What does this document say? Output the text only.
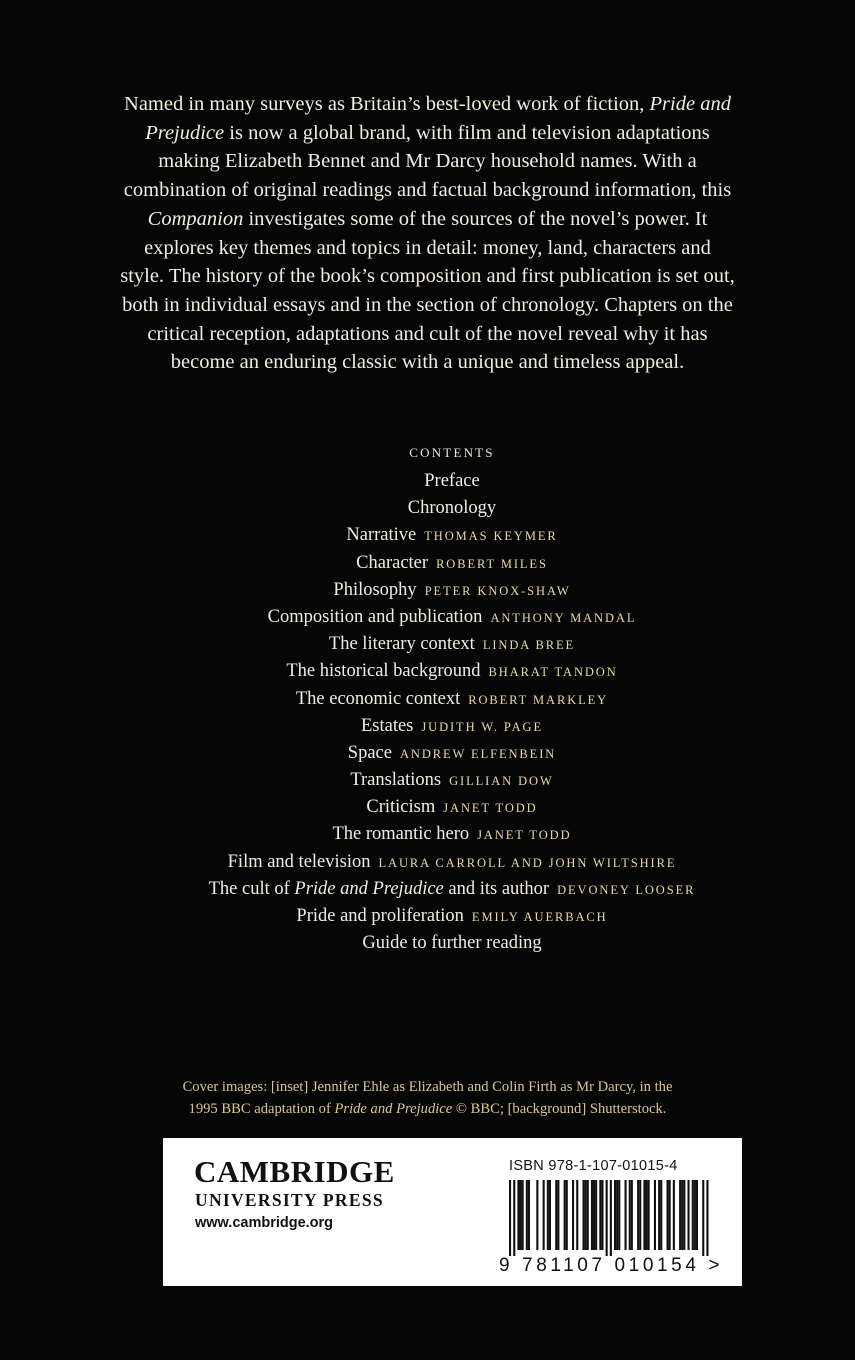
Named in many surveys as Britain’s best-loved work of fiction, Pride and Prejudice is now a global brand, with film and television adaptations making Elizabeth Bennet and Mr Darcy household names. With a combination of original readings and factual background information, this Companion investigates some of the sources of the novel’s power. It explores key themes and topics in detail: money, land, characters and style. The history of the book’s composition and first publication is set out, both in individual essays and in the section of chronology. Chapters on the critical reception, adaptations and cult of the novel reveal why it has become an enduring classic with a unique and timeless appeal.

CONTENTS
Preface
Chronology
Narrative THOMAS KEYMER
Character ROBERT MILES
Philosophy PETER KNOX-SHAW
Composition and publication ANTHONY MANDAL
The literary context LINDA BREE
The historical background BHARAT TANDON
The economic context ROBERT MARKLEY
Estates JUDITH W. PAGE
Space ANDREW ELFENBEIN
Translations GILLIAN DOW
Criticism JANET TODD
The romantic hero JANET TODD
Film and television LAURA CARROLL AND JOHN WILTSHIRE
The cult of Pride and Prejudice and its author DEVONEY LOOSER
Pride and proliferation EMILY AUERBACH
Guide to further reading

Cover images: [inset] Jennifer Ehle as Elizabeth and Colin Firth as Mr Darcy, in the

1995 BBC adaptation of Pride and Prejudice © BBC; [background] Shutterstock.

CAMBRIDGE
UNIVERSITY PRESS
www.cambridge.org
ISBN 978-1-107-01015-4
9 781107 010154 >
